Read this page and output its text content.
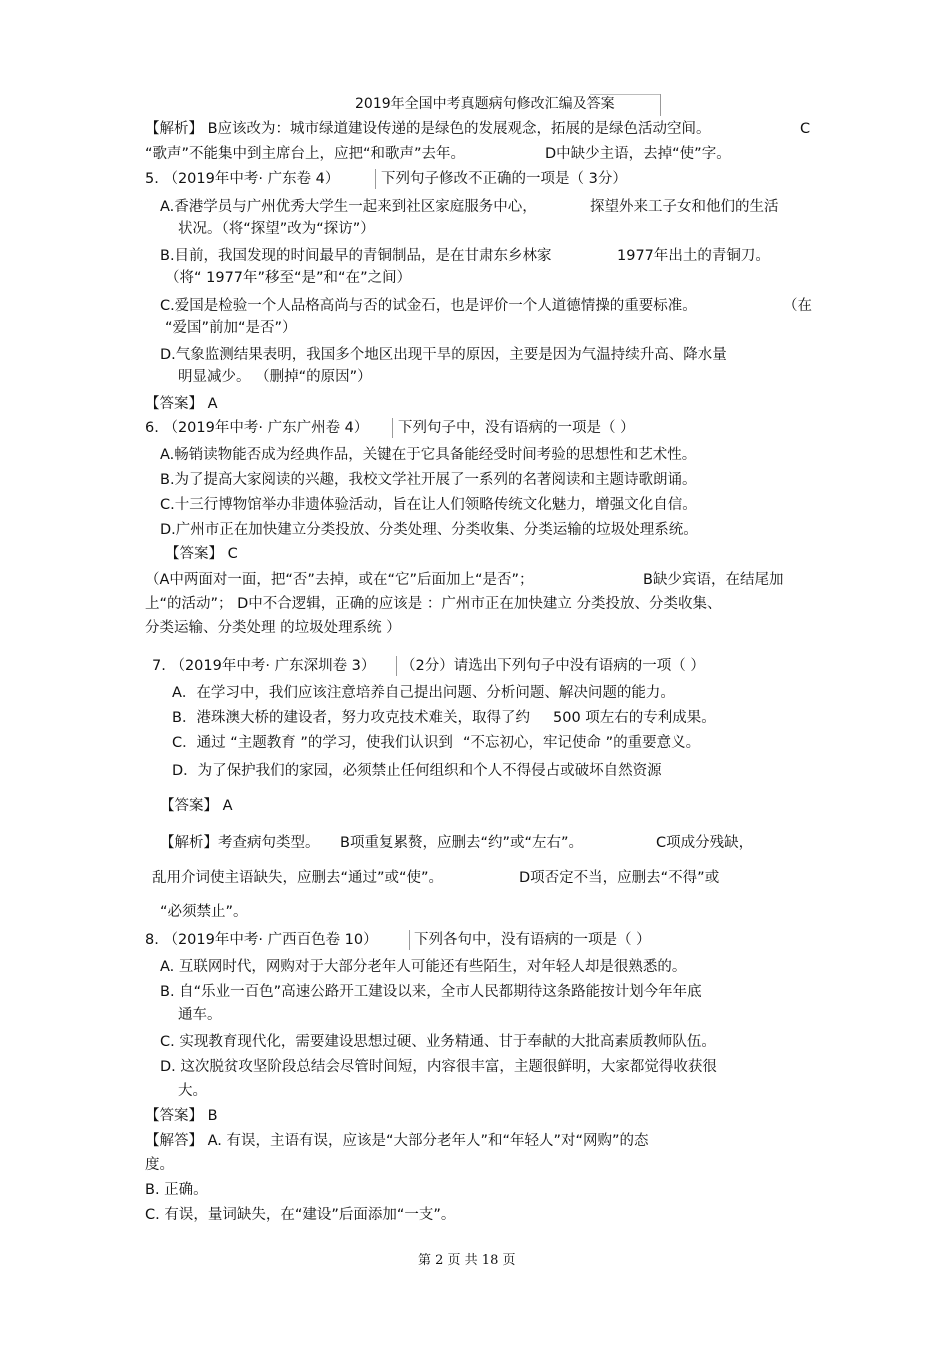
2019年全国中考真题病句修改汇编及答案
【解析】 B应该改为：城市绿道建设传递的是绿色的发展观念，拓展的是绿色活动空间。	C
“歌声”不能集中到主席台上，应把“和歌声”去年。	D中缺少主语，去掉“使”字。
5. （2019年中考· 广东卷 4）	下列句子修改不正确的一项是（ 3分）
A.香港学员与广州优秀大学生一起来到社区家庭服务中心，	探望外来工子女和他们的生活
状况。（将“探望”改为“探访”）
B.目前，我国发现的时间最早的青铜制品，是在甘肃东乡林家	1977年出土的青铜刀。
（将“ 1977年”移至“是”和“在”之间）
C.爱国是检验一个人品格高尚与否的试金石，也是评价一个人道德情操的重要标准。	（在
“爱国”前加“是否”）
D.气象监测结果表明，我国多个地区出现干旱的原因，主要是因为气温持续升高、降水量
明显减少。 （删掉“的原因”）
【答案】 A
6. （2019年中考· 广东广州卷 4） 下列句子中，没有语病的一项是（ ）
A.畅销读物能否成为经典作品，关键在于它具备能经受时间考验的思想性和艺术性。
B.为了提高大家阅读的兴趣，我校文学社开展了一系列的名著阅读和主题诗歌朗诵。
C.十三行博物馆举办非遗体验活动，旨在让人们领略传统文化魅力，增强文化自信。
D.广州市正在加快建立分类投放、分类处理、分类收集、分类运输的垃圾处理系统。
【答案】 C
（A中两面对一面，把“否”去掉，或在“它”后面加上“是否”；	B缺少宾语，在结尾加
上“的活动”； D中不合逻辑，正确的应该是 ：广州市正在加快建立 分类投放、分类收集、
分类运输、分类处理 的垃圾处理系统 ）
7. （2019年中考· 广东深圳卷 3） （2分）请选出下列句子中没有语病的一项（ ）
A．在学习中，我们应该注意培养自己提出问题、分析问题、解决问题的能力。
B．港珠澳大桥的建设者，努力攻克技术难关，取得了约 500 项左右的专利成果。
C．通过 “主题教育 ”的学习，使我们认识到 “不忘初心，牢记使命 ”的重要意义。
D．为了保护我们的家园，必须禁止任何组织和个人不得侵占或破坏自然资源
【答案】 A
【解析】考查病句类型。 B项重复累赘，应删去“约”或“左右”。	C项成分残缺，
乱用介词使主语缺失，应删去“通过”或“使”。	D项否定不当，应删去“不得”或
“必须禁止”。
8. （2019年中考· 广西百色卷 10）	下列各句中，没有语病的一项是（ ）
A. 互联网时代，网购对于大部分老年人可能还有些陌生，对年轻人却是很熟悉的。
B. 自“乐业一百色”高速公路开工建设以来，全市人民都期待这条路能按计划今年年底
通车。
C. 实现教育现代化，需要建设思想过硬、业务精通、甘于奉献的大批高素质教师队伍。
D. 这次脱贫攻坚阶段总结会尽管时间短，内容很丰富，主题很鲜明，大家都觉得收获很
大。
【答案】 B
【解答】 A. 有误，主语有误，应该是“大部分老年人”和“年轻人”对“网购”的态
度。
B. 正确。
C. 有误，量词缺失，在“建设”后面添加“一支”。
第 2 页 共 18 页
